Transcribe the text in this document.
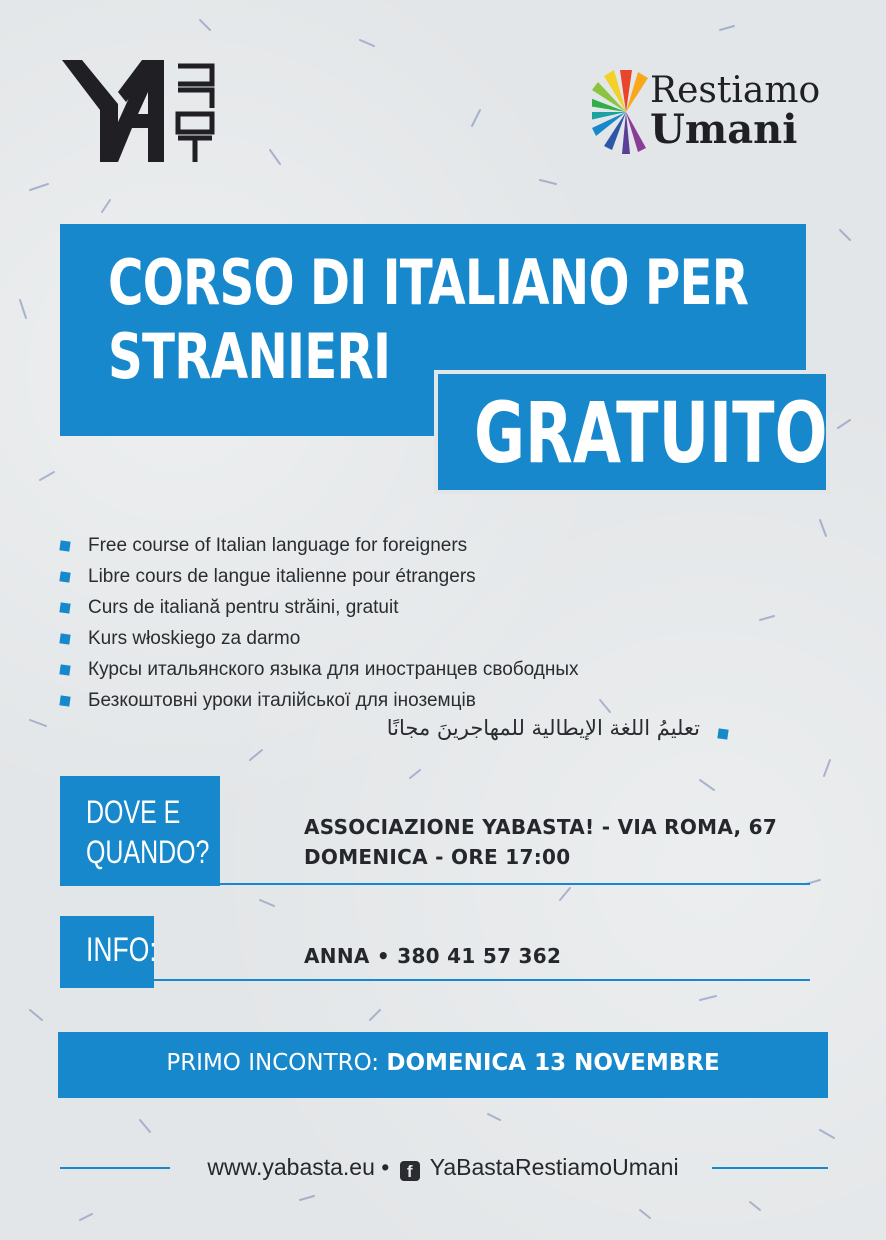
Restiamo
Umani
CORSO DI ITALIANO PER
STRANIERI
GRATUITO
Free course of Italian language for foreigners
Libre cours de langue italienne pour étrangers
Curs de italiană pentru străini, gratuit
Kurs włoskiego za darmo
Курсы итальянского языка для иностранцев свободных
Безкоштовні уроки італійської для іноземців
تعليمُ اللغة الإيطالية للمهاجرينَ مجانًا
DOVE E
QUANDO?
ASSOCIAZIONE YABASTA! - VIA ROMA, 67
DOMENICA - ORE 17:00
INFO:	ANNA • 380 41 57 362
PRIMO INCONTRO: DOMENICA 13 NOVEMBRE
www.yabasta.eu • f YaBastaRestiamoUmani
